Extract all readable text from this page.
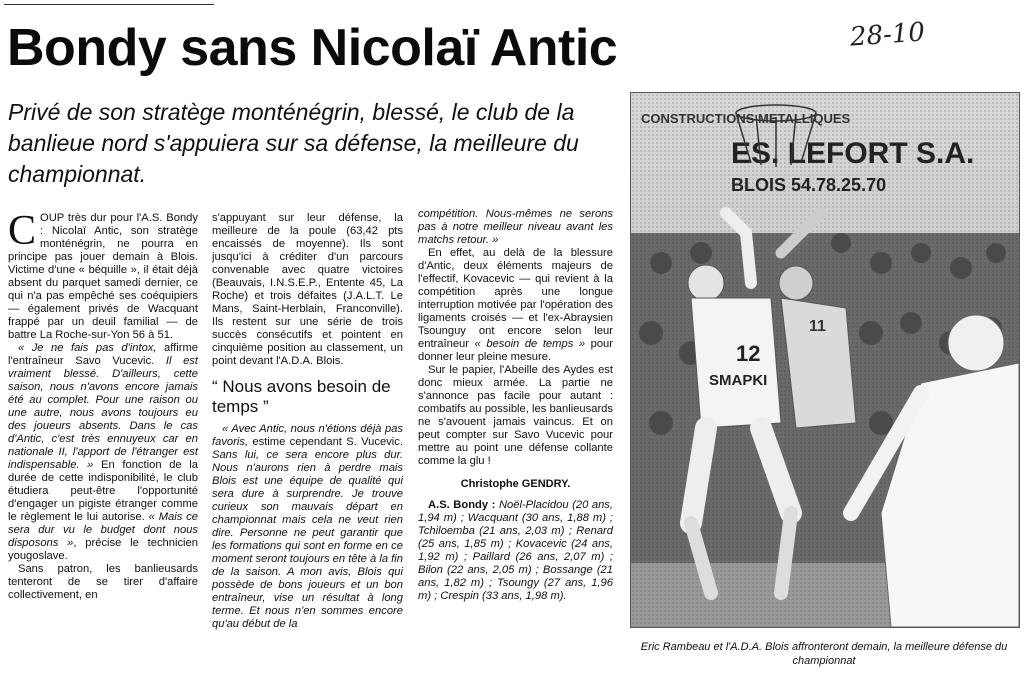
Bondy sans Nicolaï Antic	28-10

Privé de son stratège monténégrin, blessé, le club de la banlieue nord s'appuiera sur sa défense, la meilleure du championnat.

COUP très dur pour l'A.S. Bondy : Nicolaï Antic, son stratège monténégrin, ne pourra en principe pas jouer demain à Blois. Victime d'une « béquille », il était déjà absent du parquet samedi dernier, ce qui n'a pas empêché ses coéquipiers — également privés de Wacquant frappé par un deuil familial — de battre La Roche-sur-Yon 56 à 51.

« Je ne fais pas d'intox, affirme l'entraîneur Savo Vucevic. Il est vraiment blessé. D'ailleurs, cette saison, nous n'avons encore jamais été au complet. Pour une raison ou une autre, nous avons toujours eu des joueurs absents. Dans le cas d'Antic, c'est très ennuyeux car en nationale II, l'apport de l'étranger est indispensable. » En fonction de la durée de cette indisponibilité, le club étudiera peut-être l'opportunité d'engager un pigiste étranger comme le règlement le lui autorise. « Mais ce sera dur vu le budget dont nous disposons », précise le technicien yougoslave.

Sans patron, les banlieusards tenteront de se tirer d'affaire collectivement, en

s'appuyant sur leur défense, la meilleure de la poule (63,42 pts encaissés de moyenne). Ils sont jusqu'ici à créditer d'un parcours convenable avec quatre victoires (Beauvais, I.N.S.E.P., Entente 45, La Roche) et trois défaites (J.A.L.T. Le Mans, Saint-Herblain, Franconville). Ils restent sur une série de trois succès consécutifs et pointent en cinquième position au classement, un point devant l'A.D.A. Blois.

“ Nous avons besoin de temps ”

« Avec Antic, nous n'étions déjà pas favoris, estime cependant S. Vucevic. Sans lui, ce sera encore plus dur. Nous n'aurons rien à perdre mais Blois est une équipe de qualité qui sera dure à surprendre. Je trouve curieux son mauvais départ en championnat mais cela ne veut rien dire. Personne ne peut garantir que les formations qui sont en forme en ce moment seront toujours en tête à la fin de la saison. A mon avis, Blois qui possède de bons joueurs et un bon entraîneur, vise un résultat à long terme. Et nous n'en sommes encore qu'au début de la

compétition. Nous-mêmes ne serons pas à notre meilleur niveau avant les matchs retour. »

En effet, au delà de la blessure d'Antic, deux éléments majeurs de l'effectif, Kovacevic — qui revient à la compétition après une longue interruption motivée par l'opération des ligaments croisés — et l'ex-Abraysien Tsounguy ont encore selon leur entraîneur « besoin de temps » pour donner leur pleine mesure.

Sur le papier, l'Abeille des Aydes est donc mieux armée. La partie ne s'annonce pas facile pour autant : combatifs au possible, les banlieusards ne s'avouent jamais vaincus. Et on peut compter sur Savo Vucevic pour mettre au point une défense collante comme la glu !

Christophe GENDRY.

A.S. Bondy : Noël-Placidou (20 ans, 1,94 m) ; Wacquant (30 ans, 1,88 m) ; Tchiloemba (21 ans, 2,03 m) ; Renard (25 ans, 1,85 m) ; Kovacevic (24 ans, 1,92 m) ; Paillard (26 ans, 2,07 m) ; Bilon (22 ans, 2,05 m) ; Bossange (21 ans, 1,82 m) ; Tsoungy (27 ans, 1,96 m) ; Crespin (33 ans, 1,98 m).

CONSTRUCTIONS METALLIQUES
ES. LEFORT S.A.
BLOIS 54.78.25.70
12
SMAPKI
11

Eric Rambeau et l'A.D.A. Blois affronteront demain, la meilleure défense du championnat
